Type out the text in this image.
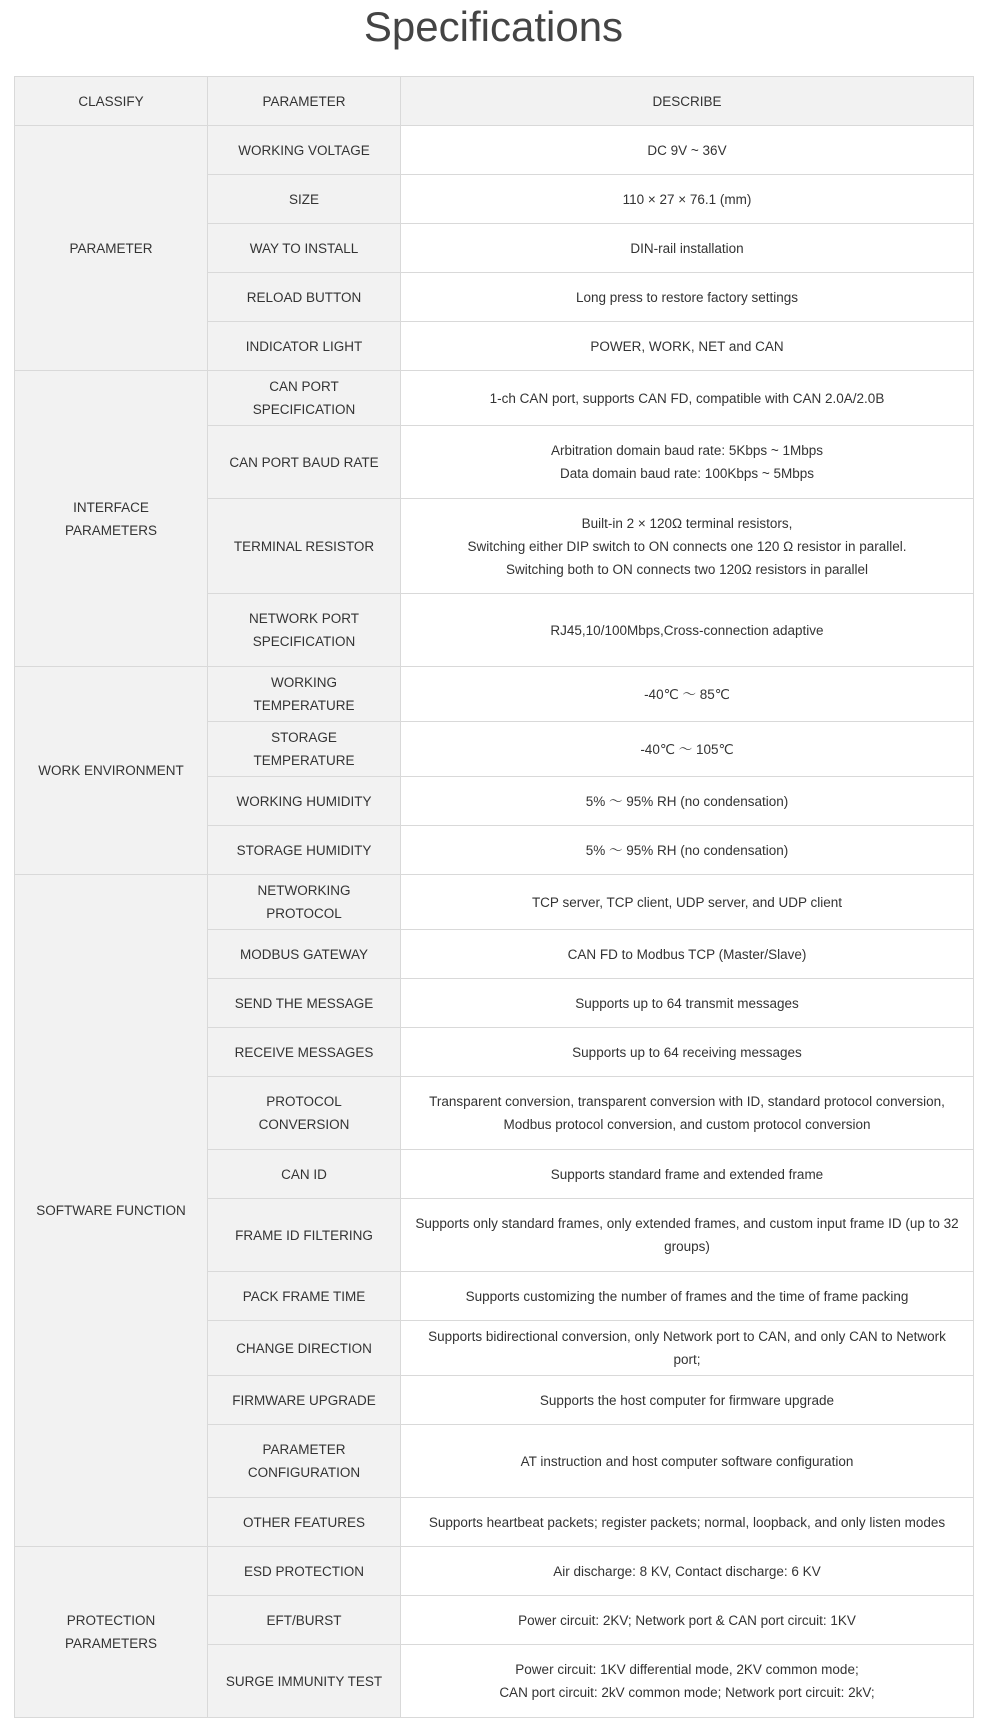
Specifications
CLASSIFY	PARAMETER	DESCRIBE
PARAMETER	WORKING VOLTAGE	DC 9V ~ 36V

	SIZE	110 × 27 × 76.1 (mm)

	WAY TO INSTALL	DIN-rail installation

	RELOAD BUTTON	Long press to restore factory settings

	INDICATOR LIGHT	POWER, WORK, NET and CAN

INTERFACE PARAMETERS	CAN PORT SPECIFICATION	1-ch CAN port, supports CAN FD, compatible with CAN 2.0A/2.0B

	CAN PORT BAUD RATE	Arbitration domain baud rate: 5Kbps ~ 1Mbps
Data domain baud rate: 100Kbps ~ 5Mbps

	TERMINAL RESISTOR	Built-in 2 × 120Ω terminal resistors,
Switching either DIP switch to ON connects one 120 Ω resistor in parallel.
Switching both to ON connects two 120Ω resistors in parallel

	NETWORK PORT SPECIFICATION	RJ45,10/100Mbps,Cross-connection adaptive

WORK ENVIRONMENT	WORKING TEMPERATURE	-40℃ ～ 85℃

	STORAGE TEMPERATURE	-40℃ ～ 105℃

	WORKING HUMIDITY	5% ～ 95% RH (no condensation)

	STORAGE HUMIDITY	5% ～ 95% RH (no condensation)

SOFTWARE FUNCTION	NETWORKING PROTOCOL	TCP server, TCP client, UDP server, and UDP client

	MODBUS GATEWAY	CAN FD to Modbus TCP (Master/Slave)

	SEND THE MESSAGE	Supports up to 64 transmit messages

	RECEIVE MESSAGES	Supports up to 64 receiving messages

	PROTOCOL CONVERSION	Transparent conversion, transparent conversion with ID, standard protocol conversion, Modbus protocol conversion, and custom protocol conversion

	CAN ID	Supports standard frame and extended frame

	FRAME ID FILTERING	Supports only standard frames, only extended frames, and custom input frame ID (up to 32 groups)

	PACK FRAME TIME	Supports customizing the number of frames and the time of frame packing

	CHANGE DIRECTION	Supports bidirectional conversion, only Network port to CAN, and only CAN to Network port;

	FIRMWARE UPGRADE	Supports the host computer for firmware upgrade

	PARAMETER CONFIGURATION	AT instruction and host computer software configuration

	OTHER FEATURES	Supports heartbeat packets; register packets; normal, loopback, and only listen modes

PROTECTION PARAMETERS	ESD PROTECTION	Air discharge: 8 KV, Contact discharge: 6 KV

	EFT/BURST	Power circuit: 2KV; Network port & CAN port circuit: 1KV

	SURGE IMMUNITY TEST	Power circuit: 1KV differential mode, 2KV common mode;
CAN port circuit: 2kV common mode; Network port circuit: 2kV;
